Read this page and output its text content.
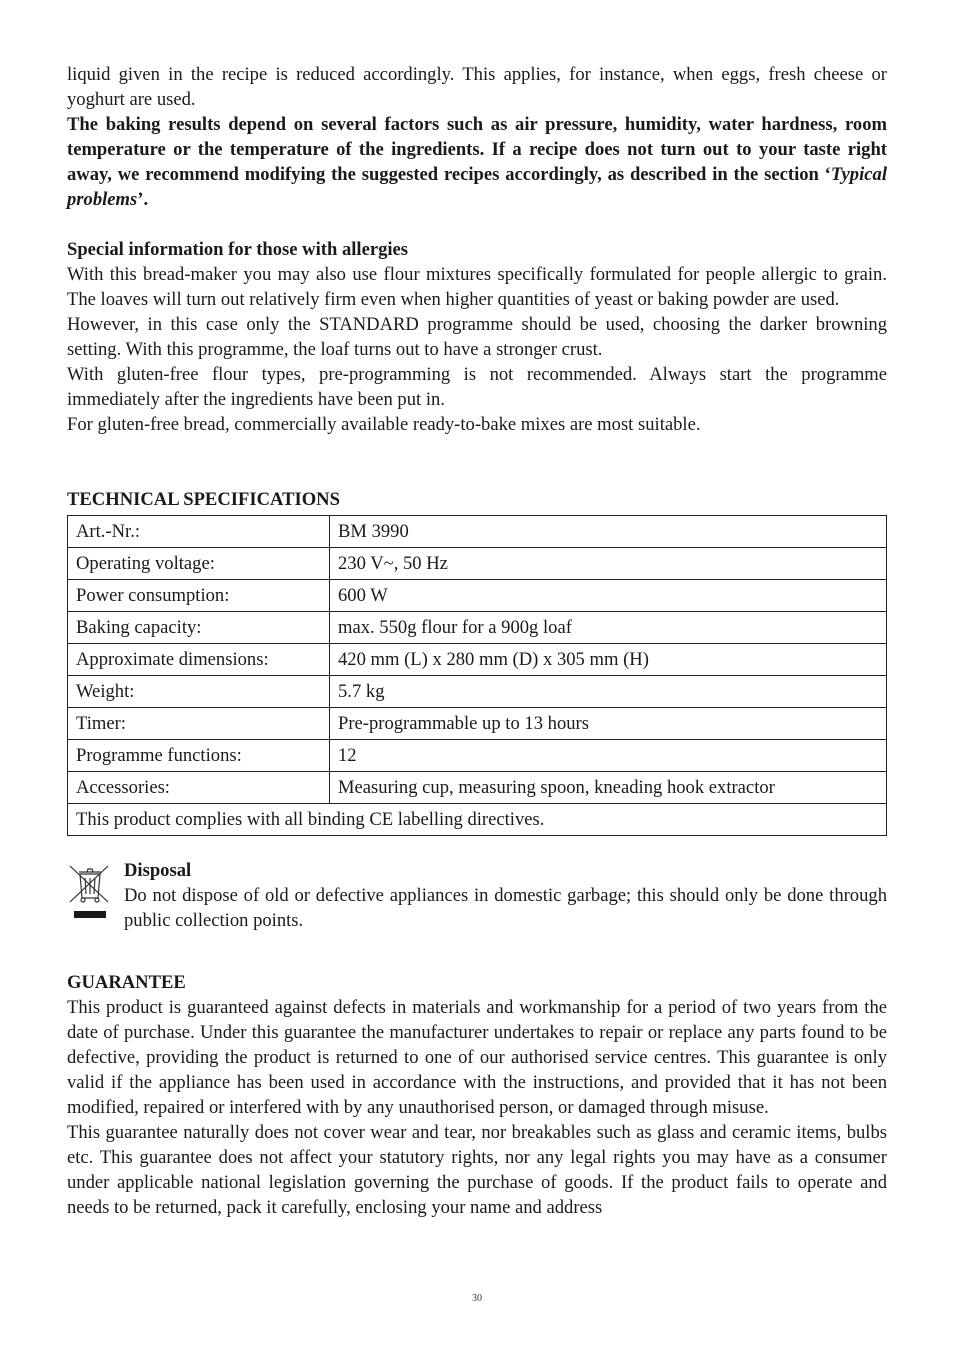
liquid given in the recipe is reduced accordingly. This applies, for instance, when eggs, fresh cheese or yoghurt are used.

The baking results depend on several factors such as air pressure, humidity, water hardness, room temperature or the temperature of the ingredients. If a recipe does not turn out to your taste right away, we recommend modifying the suggested recipes accordingly, as described in the section ‘Typical problems’.

Special information for those with allergies

With this bread-maker you may also use flour mixtures specifically formulated for people allergic to grain. The loaves will turn out relatively firm even when higher quantities of yeast or baking powder are used.

However, in this case only the STANDARD programme should be used, choosing the darker browning setting. With this programme, the loaf turns out to have a stronger crust.

With gluten-free flour types, pre-programming is not recommended. Always start the programme immediately after the ingredients have been put in.

For gluten-free bread, commercially available ready-to-bake mixes are most suitable.

TECHNICAL SPECIFICATIONS

Art.-Nr.:	BM 3990
Operating voltage:	230 V~, 50 Hz
Power consumption:	600 W
Baking capacity:	max. 550g flour for a 900g loaf
Approximate dimensions:	420 mm (L) x 280 mm (D) x 305 mm (H)
Weight:	5.7 kg
Timer:	Pre-programmable up to 13 hours
Programme functions:	12
Accessories:	Measuring cup, measuring spoon, kneading hook extractor
This product complies with all binding CE labelling directives.	

Disposal

Do not dispose of old or defective appliances in domestic garbage; this should only be done through public collection points.

GUARANTEE

This product is guaranteed against defects in materials and workmanship for a period of two years from the date of purchase. Under this guarantee the manufacturer undertakes to repair or replace any parts found to be defective, providing the product is returned to one of our authorised service centres. This guarantee is only valid if the appliance has been used in accordance with the instructions, and provided that it has not been modified, repaired or interfered with by any unauthorised person, or damaged through misuse.

This guarantee naturally does not cover wear and tear, nor breakables such as glass and ceramic items, bulbs etc. This guarantee does not affect your statutory rights, nor any legal rights you may have as a consumer under applicable national legislation governing the purchase of goods. If the product fails to operate and needs to be returned, pack it carefully, enclosing your name and address

30
